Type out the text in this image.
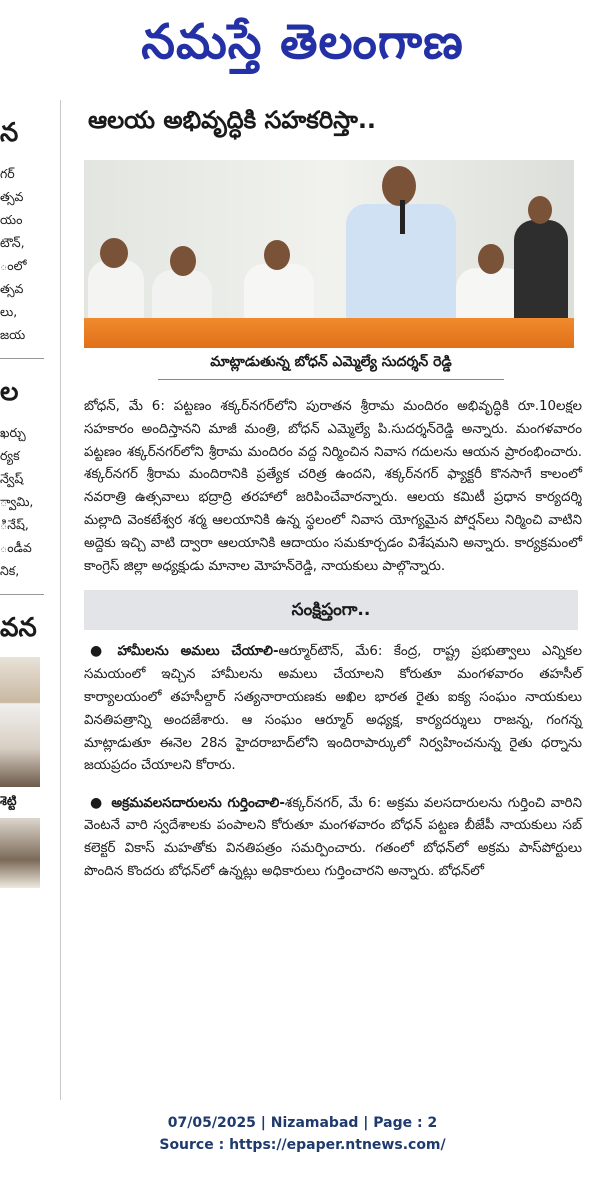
నమస్తే తెలంగాణ
న
గర్
త్సవ
యం
టౌన్,
ంలో
త్సవ
లు,
జయ
ల
ఖర్చు
ర్యక
న్వేష్
్వామి,
ినేష్,
ండీవ
నిక,
వన
శెట్టి
ఆలయ అభివృద్ధికి సహకరిస్తా..
మాట్లాడుతున్న బోధన్ ఎమ్మెల్యే సుదర్శన్ రెడ్డి

బోధన్, మే 6: పట్టణం శక్కర్‌నగర్‌లోని పురాతన శ్రీరామ మందిరం అభివృద్ధికి రూ.10లక్షల సహకారం అందిస్తానని మాజీ మంత్రి, బోధన్ ఎమ్మెల్యే పి.సుదర్శన్‌రెడ్డి అన్నారు. మంగళవారం పట్టణం శక్కర్‌నగర్‌లోని శ్రీరామ మందిరం వద్ద నిర్మించిన నివాస గదులను ఆయన ప్రారంభించారు. శక్కర్‌నగర్ శ్రీరామ మందిరానికి ప్రత్యేక చరిత్ర ఉందని, శక్కర్‌నగర్ ఫ్యాక్టరీ కొనసాగే కాలంలో నవరాత్రి ఉత్సవాలు భద్రాద్రి తరహాలో జరిపించేవారన్నారు. ఆలయ కమిటీ ప్రధాన కార్యదర్శి మల్లాది వెంకటేశ్వర శర్మ ఆలయానికి ఉన్న స్థలంలో నివాస యోగ్యమైన పోర్షన్‌లు నిర్మించి వాటిని అద్దెకు ఇచ్చి వాటి ద్వారా ఆలయానికి ఆదాయం సమకూర్చడం విశేషమని అన్నారు. కార్యక్రమంలో కాంగ్రెస్ జిల్లా అధ్యక్షుడు మానాల మోహన్‌రెడ్డి, నాయకులు పాల్గొన్నారు.

సంక్షిప్తంగా..

● హామీలను అమలు చేయాలి-ఆర్మూర్‌టౌన్, మే6: కేంద్ర, రాష్ట్ర ప్రభుత్వాలు ఎన్నికల సమయంలో ఇచ్చిన హామీలను అమలు చేయాలని కోరుతూ మంగళవారం తహసీల్ కార్యాలయంలో తహసీల్దార్ సత్యనారాయణకు అఖిల భారత రైతు ఐక్య సంఘం నాయకులు వినతిపత్రాన్ని అందజేశారు. ఆ సంఘం ఆర్మూర్ అధ్యక్ష, కార్యదర్శులు రాజన్న, గంగన్న మాట్లాడుతూ ఈనెల 28న హైదరాబాద్‌లోని ఇందిరాపార్కులో నిర్వహించనున్న రైతు ధర్నాను జయప్రదం చేయాలని కోరారు.

● అక్రమవలసదారులను గుర్తించాలి-శక్కర్‌నగర్, మే 6: అక్రమ వలసదారులను గుర్తించి వారిని వెంటనే వారి స్వదేశాలకు పంపాలని కోరుతూ మంగళవారం బోధన్ పట్టణ బీజేపీ నాయకులు సబ్ కలెక్టర్ వికాస్ మహతోకు వినతిపత్రం సమర్పించారు. గతంలో బోధన్‌లో అక్రమ పాస్‌పోర్టులు పొందిన కొందరు బోధన్‌లో ఉన్నట్లు అధికారులు గుర్తించారని అన్నారు. బోధన్‌లో

07/05/2025 | Nizamabad | Page : 2
Source : https://epaper.ntnews.com/
